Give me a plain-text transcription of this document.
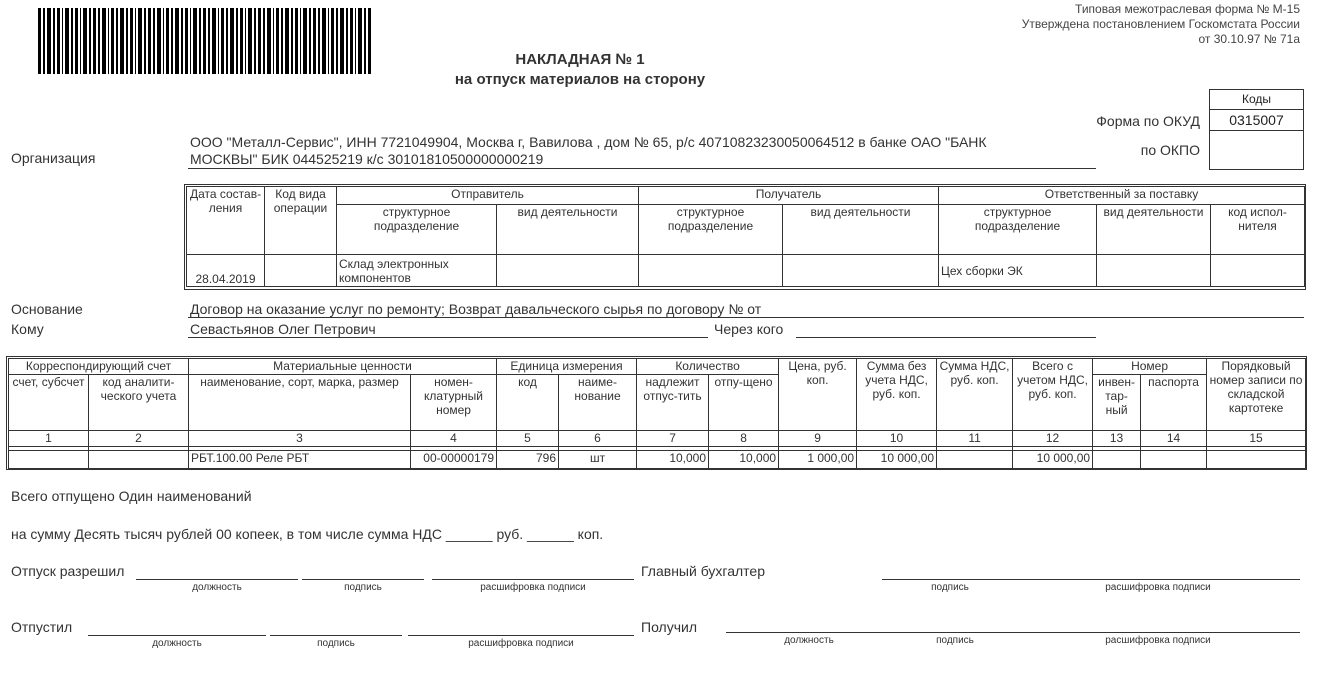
Типовая межотраслевая форма № М-15
Утверждена постановлением Госкомстата России
от 30.10.97 № 71а
НАКЛАДНАЯ № 1
на отпуск материалов на сторону
Коды
0315007
Форма по ОКУД
по ОКПО
Организация
ООО "Металл-Сервис", ИНН 7721049904, Москва г, Вавилова , дом № 65, р/с 40710823230050064512 в банке ОАО "БАНК
МОСКВЫ" БИК 044525219 к/с 30101810500000000219
Дата состав-ления	Код вида операции	Отправитель		Получатель		Ответственный за поставку		
		структурное подразделение	вид деятельности	структурное подразделение	вид деятельности	структурное подразделение	вид деятельности	код испол-нителя
28.04.2019		Склад электронных компонентов				Цех сборки ЭК		
Основание	Договор на оказание услуг по ремонту; Возврат давальческого сырья по договору № от
Кому	Севастьянов Олег Петрович	Через кого
Корреспондирующий счет		Материальные ценности		Единица измерения		Количество		Цена, руб. коп.	Сумма без учета НДС, руб. коп.	Сумма НДС, руб. коп.	Всего с учетом НДС, руб. коп.	Номер		Порядковый номер записи по складской картотеке
счет, субсчет	код аналити-ческого учета	наименование, сорт, марка, размер	номен-клатурный номер	код	наиме-нование	надлежит отпус-тить	отпу-щено					инвен-тар-ный	паспорта	
1	2	3	4	5	6	7	8	9	10	11	12	13	14	15

		РБТ.100.00 Реле РБТ	00-00000179	796	шт	10,000	10,000	1 000,00	10 000,00		10 000,00			
Всего отпущено Один наименований
на сумму Десять тысяч рублей 00 копеек, в том числе сумма НДС ______ руб. ______ коп.
Отпуск разрешил
должность	подпись	расшифровка подписи
Главный бухгалтер
подпись	расшифровка подписи
Отпустил
должность	подпись	расшифровка подписи
Получил
должность	подпись	расшифровка подписи
